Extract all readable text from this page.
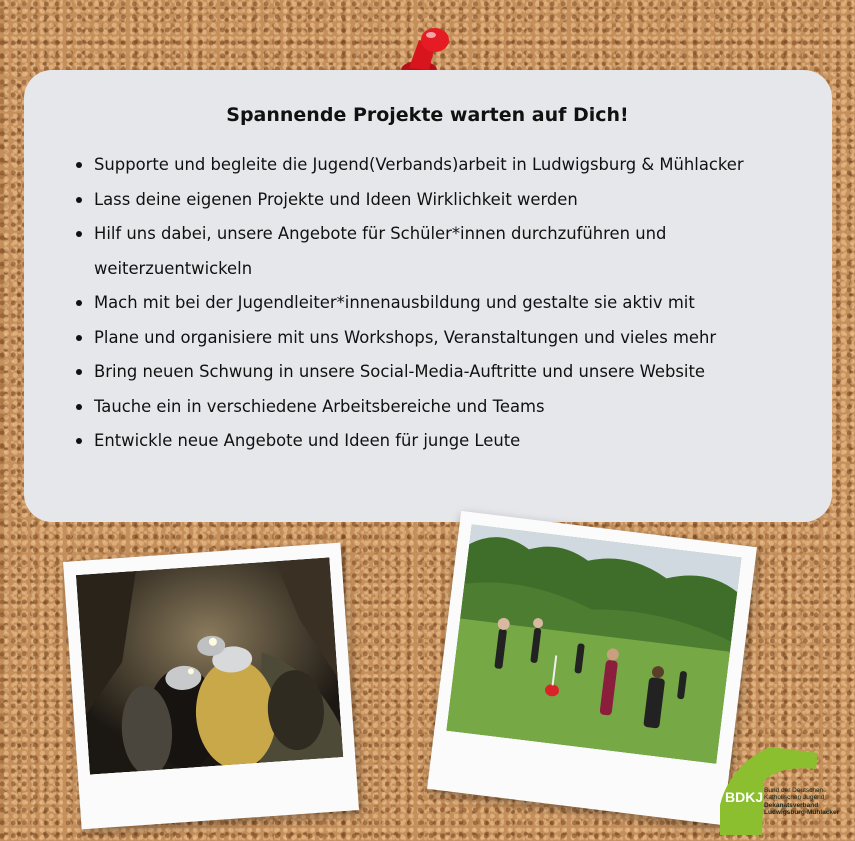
Spannende Projekte warten auf Dich!
Supporte und begleite die Jugend(Verbands)arbeit in Ludwigsburg & Mühlacker
Lass deine eigenen Projekte und Ideen Wirklichkeit werden
Hilf uns dabei, unsere Angebote für Schüler*innen durchzuführen und weiterzuentwickeln
Mach mit bei der Jugendleiter*innenausbildung und gestalte sie aktiv mit
Plane und organisiere mit uns Workshops, Veranstaltungen und vieles mehr
Bring neuen Schwung in unsere Social-Media-Auftritte und unsere Website
Tauche ein in verschiedene Arbeitsbereiche und Teams
Entwickle neue Angebote und Ideen für junge Leute
BDKJ Bund der Deutschen
Katholischen Jugend
Dekanatsverband
Ludwigsburg-Mühlacker
